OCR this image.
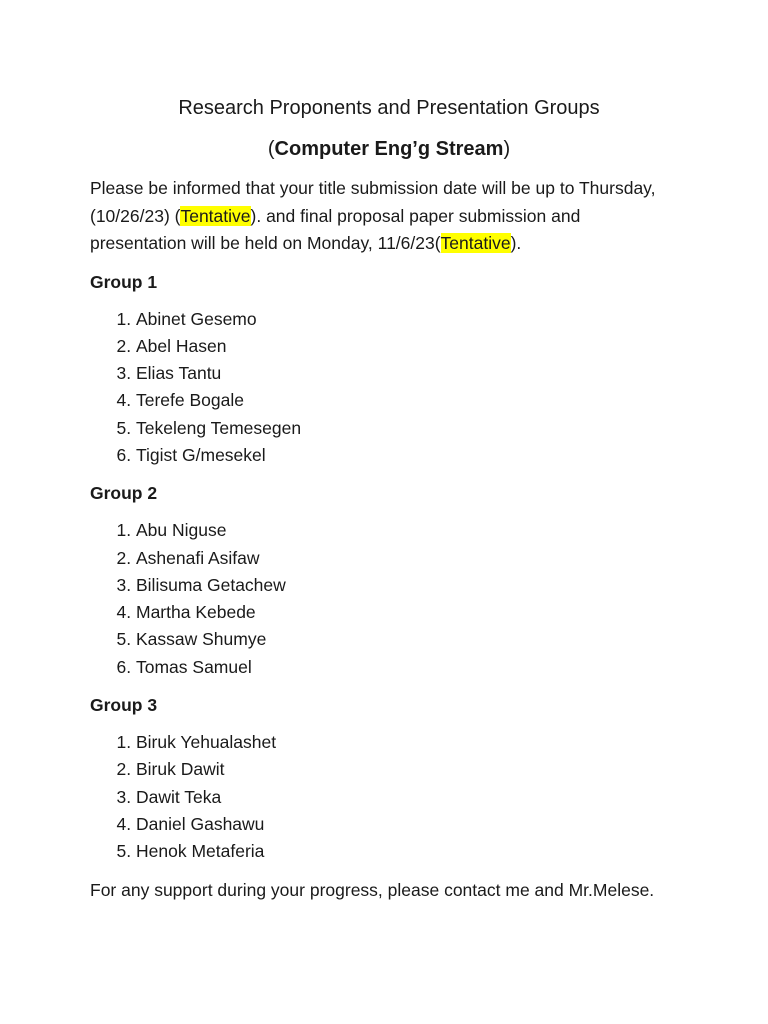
Research Proponents and Presentation Groups

(Computer Eng’g Stream)

Please be informed that your title submission date will be up to Thursday, (10/26/23) (Tentative). and final proposal paper submission and presentation will be held on Monday, 11/6/23(Tentative).

Group 1

1. Abinet Gesemo
2. Abel Hasen
3. Elias Tantu
4. Terefe Bogale
5. Tekeleng Temesegen
6. Tigist G/mesekel

Group 2

1. Abu Niguse
2. Ashenafi Asifaw
3. Bilisuma Getachew
4. Martha Kebede
5. Kassaw Shumye
6. Tomas Samuel

Group 3

1. Biruk Yehualashet
2. Biruk Dawit
3. Dawit Teka
4. Daniel Gashawu
5. Henok Metaferia

For any support during your progress, please contact me and Mr.Melese.
